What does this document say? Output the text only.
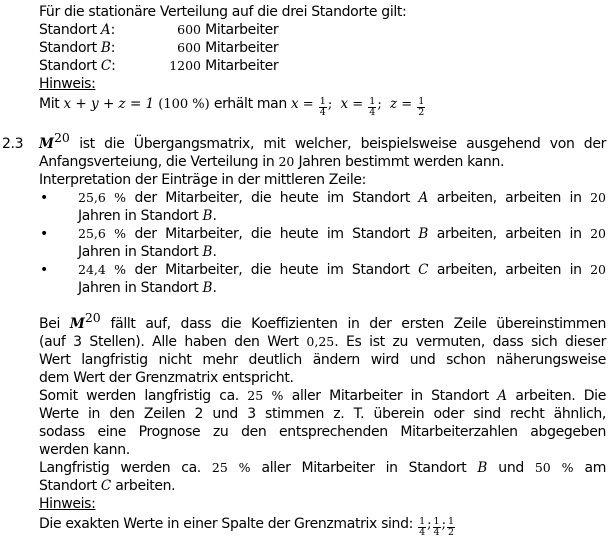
Für die stationäre Verteilung auf die drei Standorte gilt:
Standort A:	600 Mitarbeiter
Standort B:	600 Mitarbeiter
Standort C:	1200 Mitarbeiter
Hinweis:
Mit x + y + z = 1 (100 %) erhält man $x = \frac{1}{4}$ ;  $x = \frac{1}{4}$ ;  $z = \frac{1}{2}$
2.3 $M^{20}$ ist die Übergangsmatrix, mit welcher, beispielsweise ausgehend von der
Anfangsverteiung, die Verteilung in 20 Jahren bestimmt werden kann.
Interpretation der Einträge in der mittleren Zeile:
• 25,6 % der Mitarbeiter, die heute im Standort A arbeiten, arbeiten in 20
Jahren in Standort B.
• 25,6 % der Mitarbeiter, die heute im Standort B arbeiten, arbeiten in 20
Jahren in Standort B.
• 24,4 % der Mitarbeiter, die heute im Standort C arbeiten, arbeiten in 20
Jahren in Standort B.
Bei $M^{20}$ fällt auf, dass die Koeffizienten in der ersten Zeile übereinstimmen
(auf 3 Stellen). Alle haben den Wert 0,25. Es ist zu vermuten, dass sich dieser
Wert langfristig nicht mehr deutlich ändern wird und schon näherungsweise
dem Wert der Grenzmatrix entspricht.
Somit werden langfristig ca. 25 % aller Mitarbeiter in Standort A arbeiten. Die
Werte in den Zeilen 2 und 3 stimmen z. T. überein oder sind recht ähnlich,
sodass eine Prognose zu den entsprechenden Mitarbeiterzahlen abgegeben
werden kann.
Langfristig werden ca. 25 % aller Mitarbeiter in Standort B und 50 % am
Standort C arbeiten.
Hinweis:
Die exakten Werte in einer Spalte der Grenzmatrix sind: $\frac{1}{4}$ ; $\frac{1}{4}$ ; $\frac{1}{2}$
